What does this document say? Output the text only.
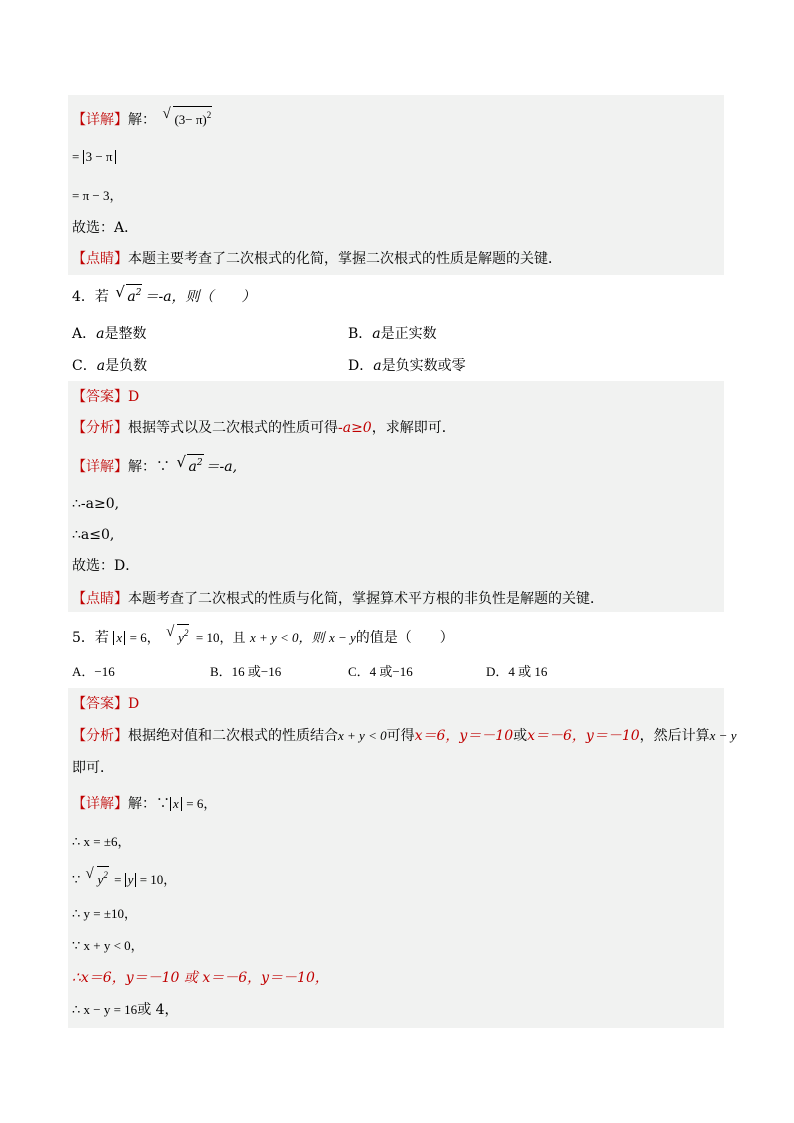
【详解】解： √ $(3- \pi)^2$
= 3 − π
= π − 3，
故选：A．
【点睛】本题主要考查了二次根式的化简，掌握二次根式的性质是解题的关键．
4．若 √ $a^2 =-a$，则（　　）
A．a是整数	B．a是正实数
C．a是负数	D．a是负实数或零
【答案】D
【分析】根据等式以及二次根式的性质可得-a≥0，求解即可．
【详解】解：∵ √ $a^2 =-a$,
∴-a≥0,
∴a≤0,
故选：D．
【点睛】本题考查了二次根式的性质与化简，掌握算术平方根的非负性是解题的关键．
5．若 x = 6， √ $y^2 = 10$，且 x + y < 0，则 x − y的值是（　　）
A．−16	B．16 或−16	C．4 或−16	D．4 或 16
【答案】D
【分析】根据绝对值和二次根式的性质结合x + y < 0可得x＝6，y＝－10或x＝－6，y＝－10，然后计算x − y
即可．
【详解】解：∵ x = 6，
∴ x = ±6，
∵ √ $y^2 = y = 10$，
∴ y = ±10，
∵ x + y < 0，
∴x＝6，y＝－10 或 x＝－6，y＝－10，
∴ x − y = 16或 4，
